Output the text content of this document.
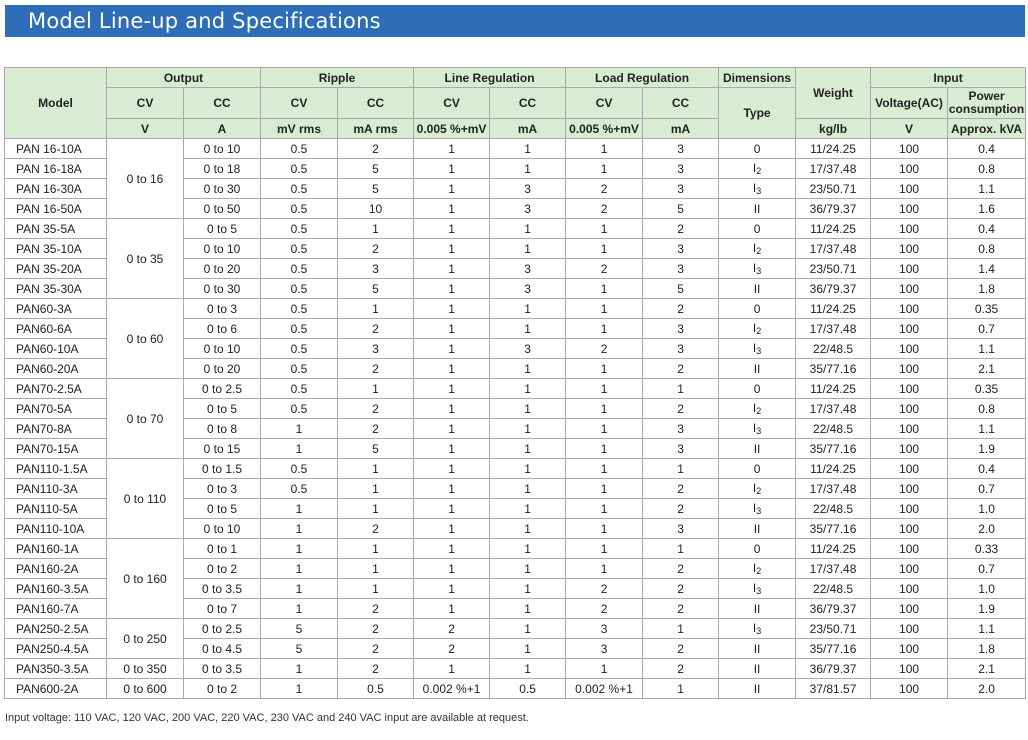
Model Line-up and Specifications
Model	Output		Ripple		Line Regulation		Load Regulation		Dimensions	Weight	Input	
	CV	CC	CV	CC	CV	CC	CV	CC	Type		Voltage(AC)	Power consumption
	V	A	mV rms	mA rms	0.005 %+mV	mA	0.005 %+mV	mA		kg/lb	V	Approx. kVA
PAN 16-10A	0 to 16	0 to 10	0.5	2	1	1	1	3	0	11/24.25	100	0.4
PAN 16-18A		0 to 18	0.5	5	1	1	1	3	I2	17/37.48	100	0.8
PAN 16-30A		0 to 30	0.5	5	1	3	2	3	I3	23/50.71	100	1.1
PAN 16-50A		0 to 50	0.5	10	1	3	2	5	II	36/79.37	100	1.6
PAN 35-5A	0 to 35	0 to 5	0.5	1	1	1	1	2	0	11/24.25	100	0.4
PAN 35-10A		0 to 10	0.5	2	1	1	1	3	I2	17/37.48	100	0.8
PAN 35-20A		0 to 20	0.5	3	1	3	2	3	I3	23/50.71	100	1.4
PAN 35-30A		0 to 30	0.5	5	1	3	1	5	II	36/79.37	100	1.8
PAN60-3A	0 to 60	0 to 3	0.5	1	1	1	1	2	0	11/24.25	100	0.35
PAN60-6A		0 to 6	0.5	2	1	1	1	3	I2	17/37.48	100	0.7
PAN60-10A		0 to 10	0.5	3	1	3	2	3	I3	22/48.5	100	1.1
PAN60-20A		0 to 20	0.5	2	1	1	1	2	II	35/77.16	100	2.1
PAN70-2.5A	0 to 70	0 to 2.5	0.5	1	1	1	1	1	0	11/24.25	100	0.35
PAN70-5A		0 to 5	0.5	2	1	1	1	2	I2	17/37.48	100	0.8
PAN70-8A		0 to 8	1	2	1	1	1	3	I3	22/48.5	100	1.1
PAN70-15A		0 to 15	1	5	1	1	1	3	II	35/77.16	100	1.9
PAN110-1.5A	0 to 110	0 to 1.5	0.5	1	1	1	1	1	0	11/24.25	100	0.4
PAN110-3A		0 to 3	0.5	1	1	1	1	2	I2	17/37.48	100	0.7
PAN110-5A		0 to 5	1	1	1	1	1	2	I3	22/48.5	100	1.0
PAN110-10A		0 to 10	1	2	1	1	1	3	II	35/77.16	100	2.0
PAN160-1A	0 to 160	0 to 1	1	1	1	1	1	1	0	11/24.25	100	0.33
PAN160-2A		0 to 2	1	1	1	1	1	2	I2	17/37.48	100	0.7
PAN160-3.5A		0 to 3.5	1	1	1	1	2	2	I3	22/48.5	100	1.0
PAN160-7A		0 to 7	1	2	1	1	2	2	II	36/79.37	100	1.9
PAN250-2.5A	0 to 250	0 to 2.5	5	2	2	1	3	1	I3	23/50.71	100	1.1
PAN250-4.5A		0 to 4.5	5	2	2	1	3	2	II	35/77.16	100	1.8
PAN350-3.5A	0 to 350	0 to 3.5	1	2	1	1	1	2	II	36/79.37	100	2.1
PAN600-2A	0 to 600	0 to 2	1	0.5	0.002 %+1	0.5	0.002 %+1	1	II	37/81.57	100	2.0
Input voltage: 110 VAC, 120 VAC, 200 VAC, 220 VAC, 230 VAC and 240 VAC input are available at request.
